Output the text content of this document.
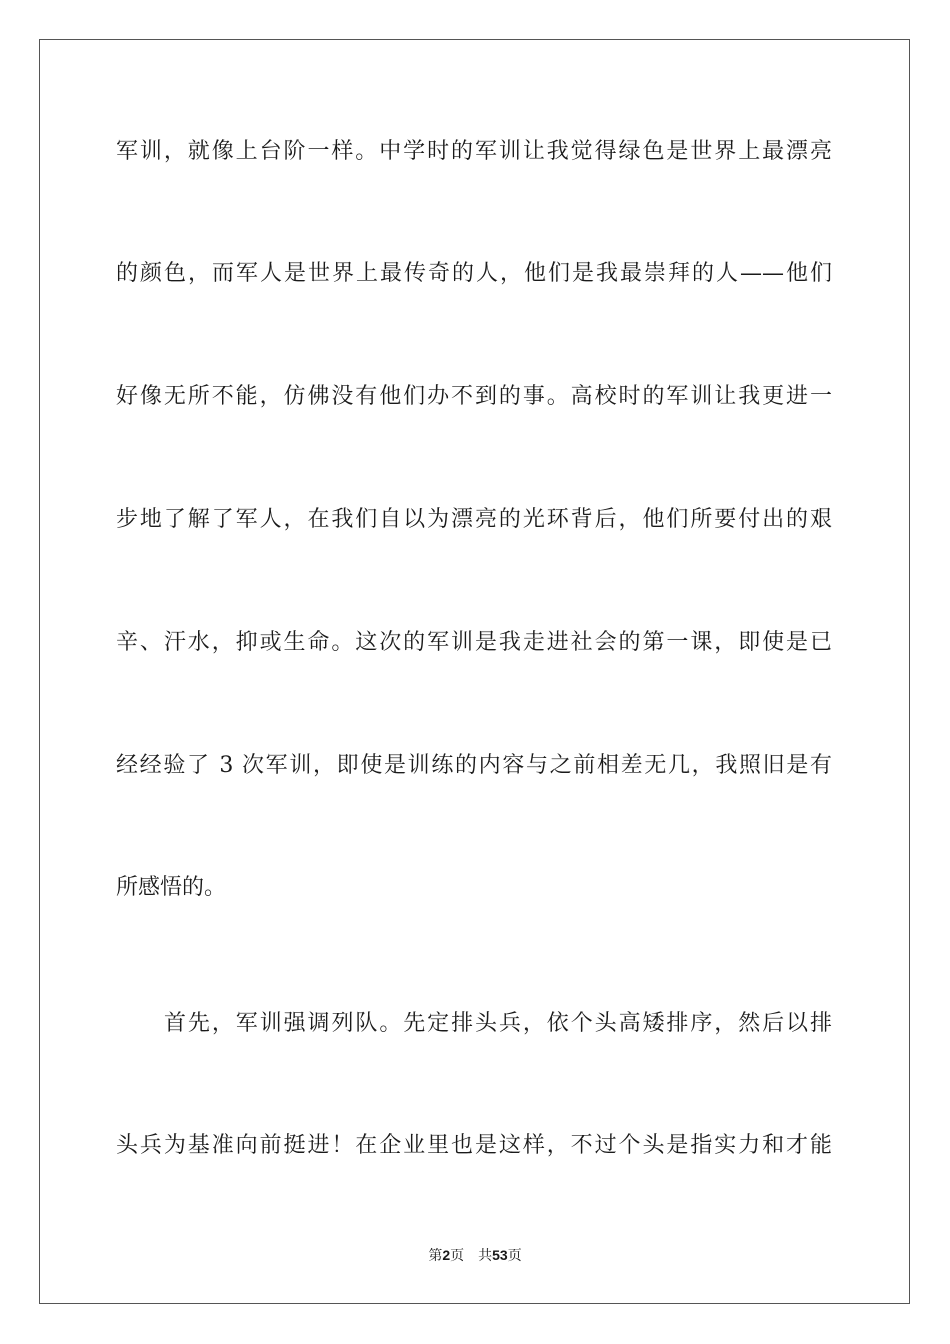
军训，就像上台阶一样。中学时的军训让我觉得绿色是世界上最漂亮
的颜色，而军人是世界上最传奇的人，他们是我最崇拜的人——他们
好像无所不能，仿佛没有他们办不到的事。高校时的军训让我更进一
步地了解了军人，在我们自以为漂亮的光环背后，他们所要付出的艰
辛、汗水，抑或生命。这次的军训是我走进社会的第一课，即使是已
经经验了 3 次军训，即使是训练的内容与之前相差无几，我照旧是有
所感悟的。
首先，军训强调列队。先定排头兵，依个头高矮排序，然后以排
头兵为基准向前挺进！在企业里也是这样，不过个头是指实力和才能
第2页 共53页
